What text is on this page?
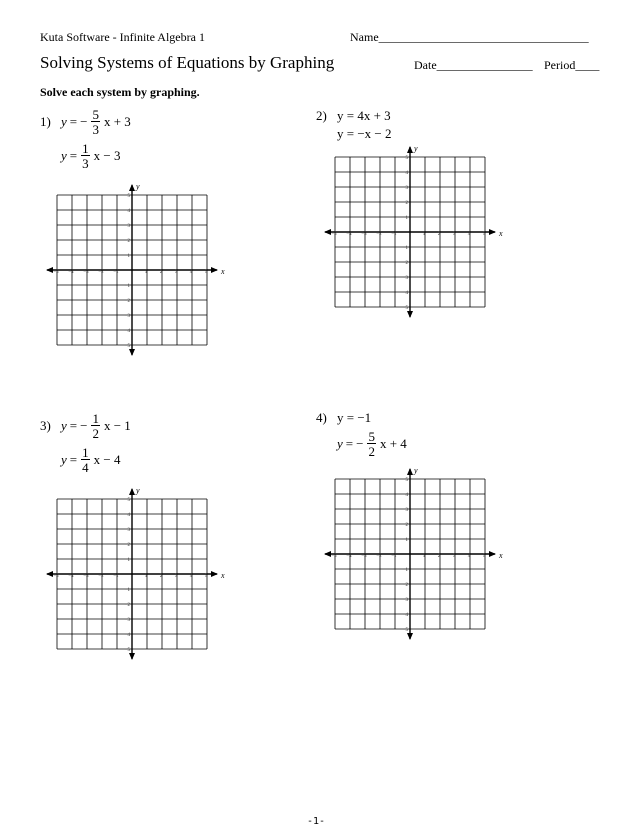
Kuta Software - Infinite Algebra 1	Name___________________________________
Solving Systems of Equations by Graphing	Date________________ Period____
Solve each system by graphing.
1) y = − $\frac{5}{3}$ x + 3
$y = \frac{1}{3}$ x − 3
2) y = 4x + 3
y = −x − 2
3) y = − $\frac{1}{2}$ x − 1
$y = \frac{1}{4}$ x − 4
4) y = −1
y = − $\frac{5}{2}$ x + 4
x
y
−5 −4 −3 −2 −1	1	2	3	4	5
5
4
3
2
1
−1
−2
−3
−4
−5
x
y
−5 −4 −3 −2 −1	1	2	3	4	5
5
4
3
2
1
−1
−2
−3
−4
−5
x
y
−5 −4 −3 −2 −1	1	2	3	4	5
5
4
3
2
1
−1
−2
−3
−4
−5
x
y
−5 −4 −3 −2 −1	1	2	3	4	5
5
4
3
2
1
−1
−2
−3
−4
−5
-1-
